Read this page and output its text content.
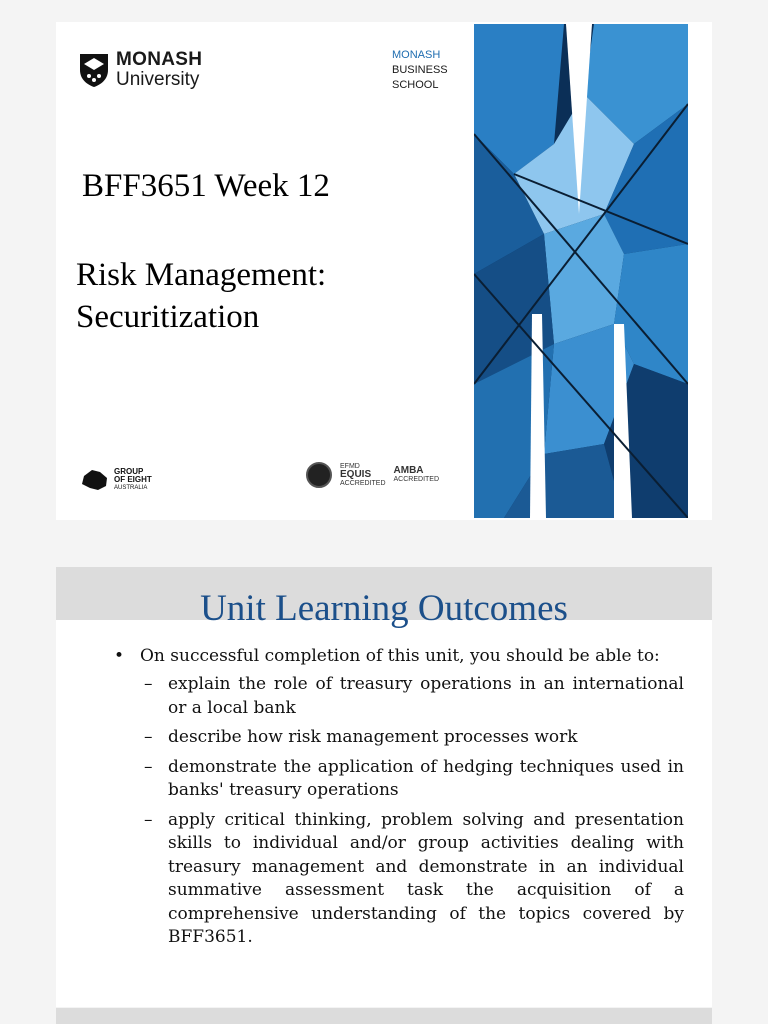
MONASH
University
MONASH
BUSINESS
SCHOOL
BFF3651 Week 12
Risk Management:
Securitization
GROUP
OF EIGHT
AUSTRALIA
EFMD
EQUIS
ACCREDITED
AMBA
ACCREDITED
Unit Learning Outcomes
• On successful completion of this unit, you should be able to:
– explain the role of treasury operations in an international or a local bank
– describe how risk management processes work
– demonstrate the application of hedging techniques used in banks' treasury operations
– apply critical thinking, problem solving and presentation skills to individual and/or group activities dealing with treasury management and demonstrate in an individual summative assessment task the acquisition of a comprehensive understanding of the topics covered by BFF3651.
